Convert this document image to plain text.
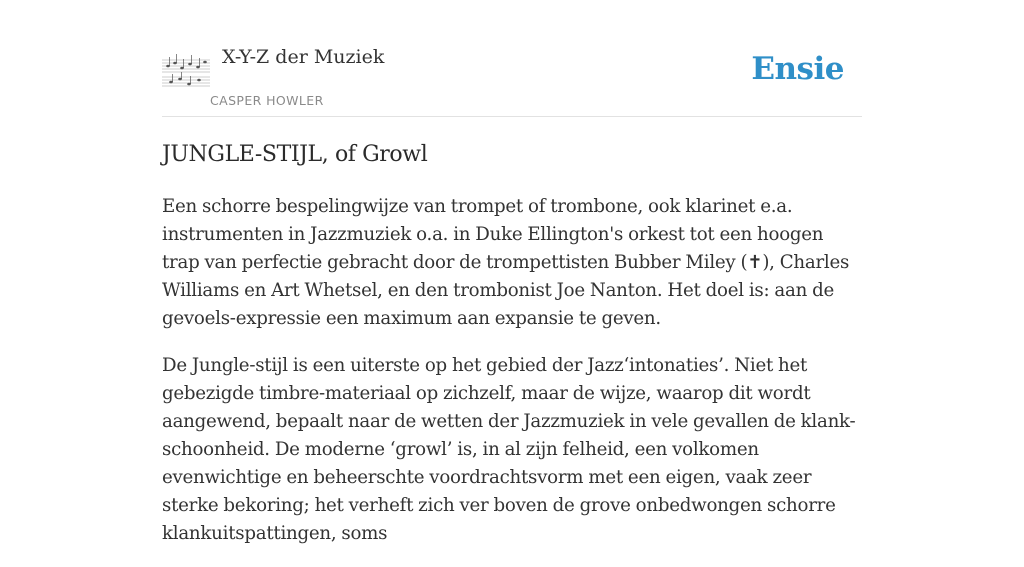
X-Y-Z der Muziek
CASPER HOWLER
Ensie
JUNGLE-STIJL, of Growl

Een schorre bespelingwijze van trompet of trombone, ook klarinet e.a. instrumenten in Jazzmuziek o.a. in Duke Ellington's orkest tot een hoogen trap van perfectie gebracht door de trompettisten Bubber Miley (✝), Charles Williams en Art Whetsel, en den trombonist Joe Nanton. Het doel is: aan de gevoels-expressie een maximum aan expansie te geven.

De Jungle-stijl is een uiterste op het gebied der Jazz‘intonaties’. Niet het gebezigde timbre-materiaal op zichzelf, maar de wijze, waarop dit wordt aangewend, bepaalt naar de wetten der Jazzmuziek in vele gevallen de klank-schoonheid. De moderne ‘growl’ is, in al zijn felheid, een volkomen evenwichtige en beheerschte voordrachtsvorm met een eigen, vaak zeer sterke bekoring; het verheft zich ver boven de grove onbedwongen schorre klankuitspattingen, soms
